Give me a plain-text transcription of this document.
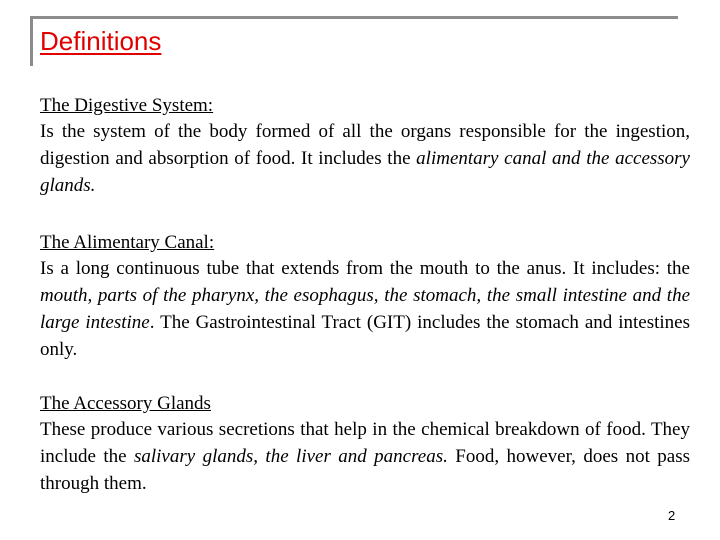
Definitions

The Digestive System:

Is the system of the body formed of all the organs responsible for the ingestion, digestion and absorption of food. It includes the alimentary canal and the accessory glands.

The Alimentary Canal:

Is a long continuous tube that extends from the mouth to the anus. It includes: the mouth, parts of the pharynx, the esophagus, the stomach, the small intestine and the large intestine. The Gastrointestinal Tract (GIT) includes the stomach and intestines only.

The Accessory Glands

These produce various secretions that help in the chemical breakdown of food. They include the salivary glands, the liver and pancreas. Food, however, does not pass through them.

2
